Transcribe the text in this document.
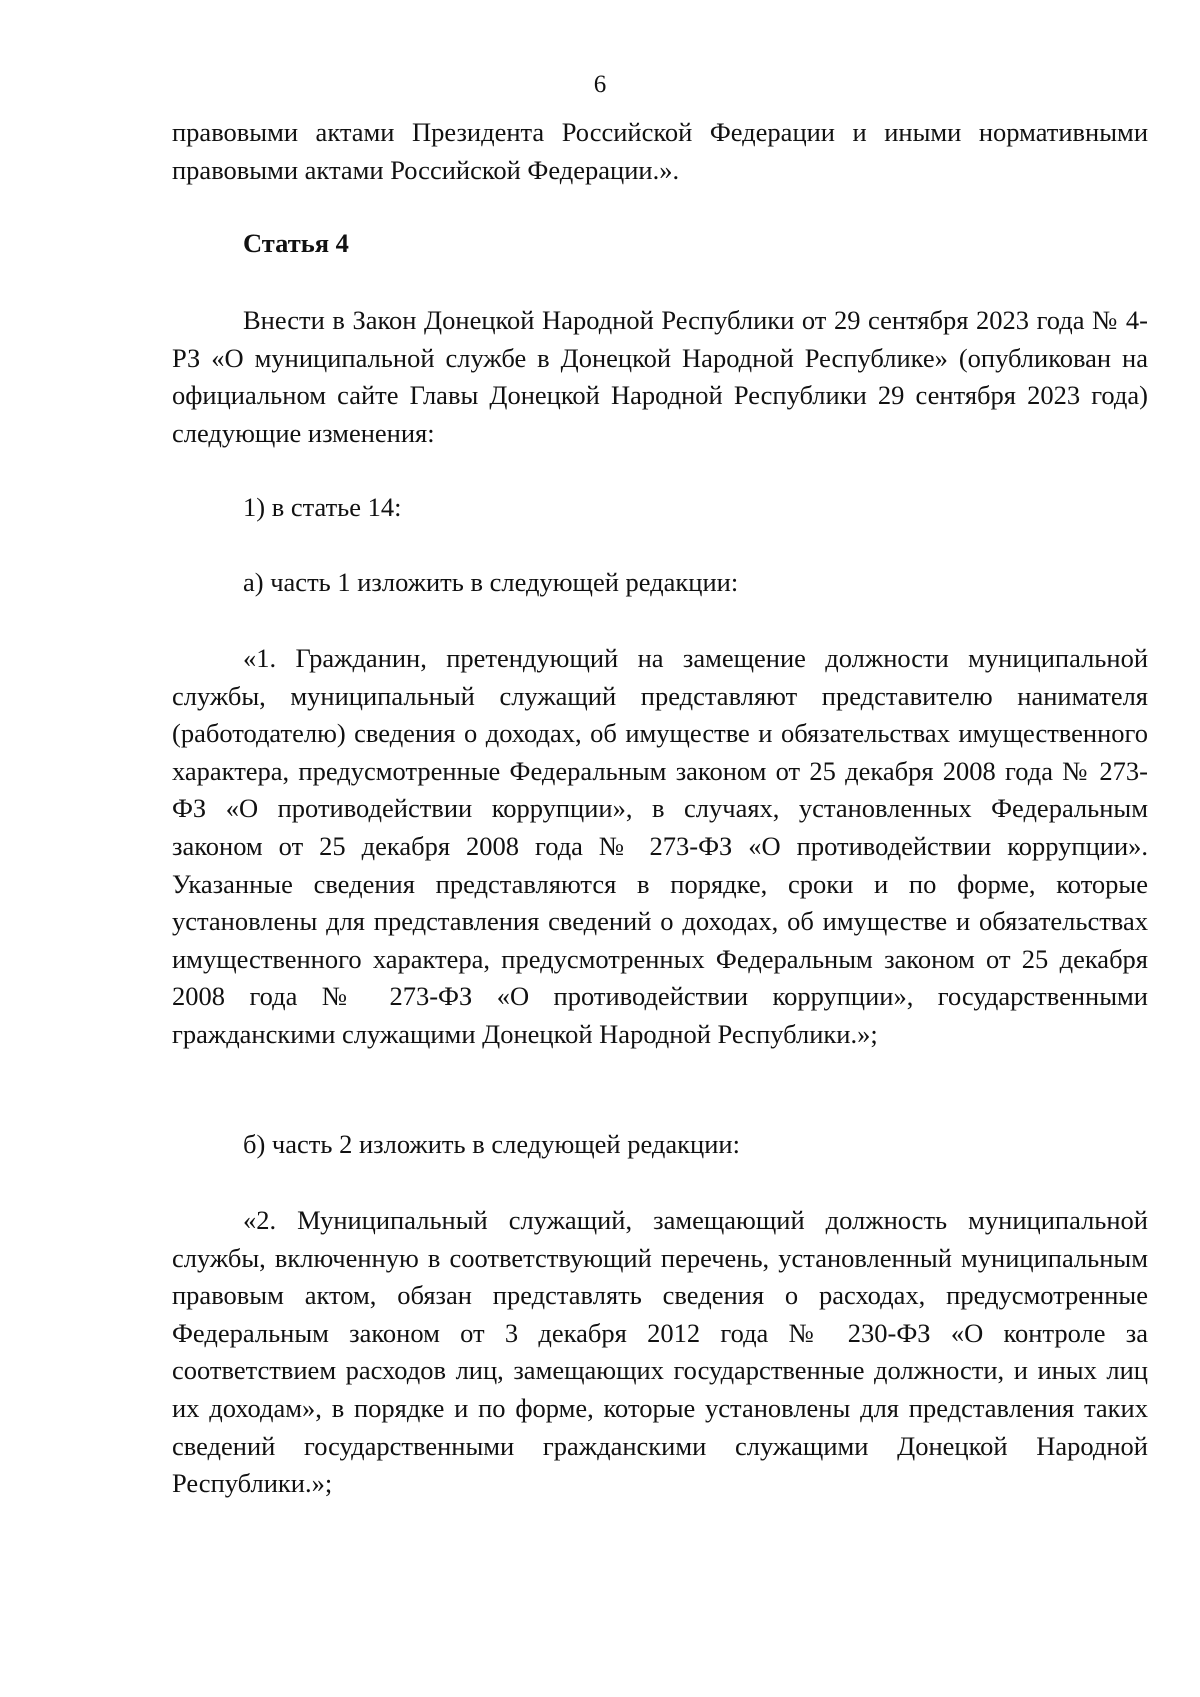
6

правовыми актами Президента Российской Федерации и иными нормативными правовыми актами Российской Федерации.».

Статья 4

Внести в Закон Донецкой Народной Республики от 29 сентября 2023 года № 4-РЗ «О муниципальной службе в Донецкой Народной Республике» (опубликован на официальном сайте Главы Донецкой Народной Республики 29 сентября 2023 года) следующие изменения:

1) в статье 14:

а) часть 1 изложить в следующей редакции:

«1. Гражданин, претендующий на замещение должности муниципальной службы, муниципальный служащий представляют представителю нанимателя (работодателю) сведения о доходах, об имуществе и обязательствах имущественного характера, предусмотренные Федеральным законом от 25 декабря 2008 года № 273-ФЗ «О противодействии коррупции», в случаях, установленных Федеральным законом от 25 декабря 2008 года № 273-ФЗ «О противодействии коррупции». Указанные сведения представляются в порядке, сроки и по форме, которые установлены для представления сведений о доходах, об имуществе и обязательствах имущественного характера, предусмотренных Федеральным законом от 25 декабря 2008 года № 273-ФЗ «О противодействии коррупции», государственными гражданскими служащими Донецкой Народной Республики.»;

б) часть 2 изложить в следующей редакции:

«2. Муниципальный служащий, замещающий должность муниципальной службы, включенную в соответствующий перечень, установленный муниципальным правовым актом, обязан представлять сведения о расходах, предусмотренные Федеральным законом от 3 декабря 2012 года № 230-ФЗ «О контроле за соответствием расходов лиц, замещающих государственные должности, и иных лиц их доходам», в порядке и по форме, которые установлены для представления таких сведений государственными гражданскими служащими Донецкой Народной Республики.»;
